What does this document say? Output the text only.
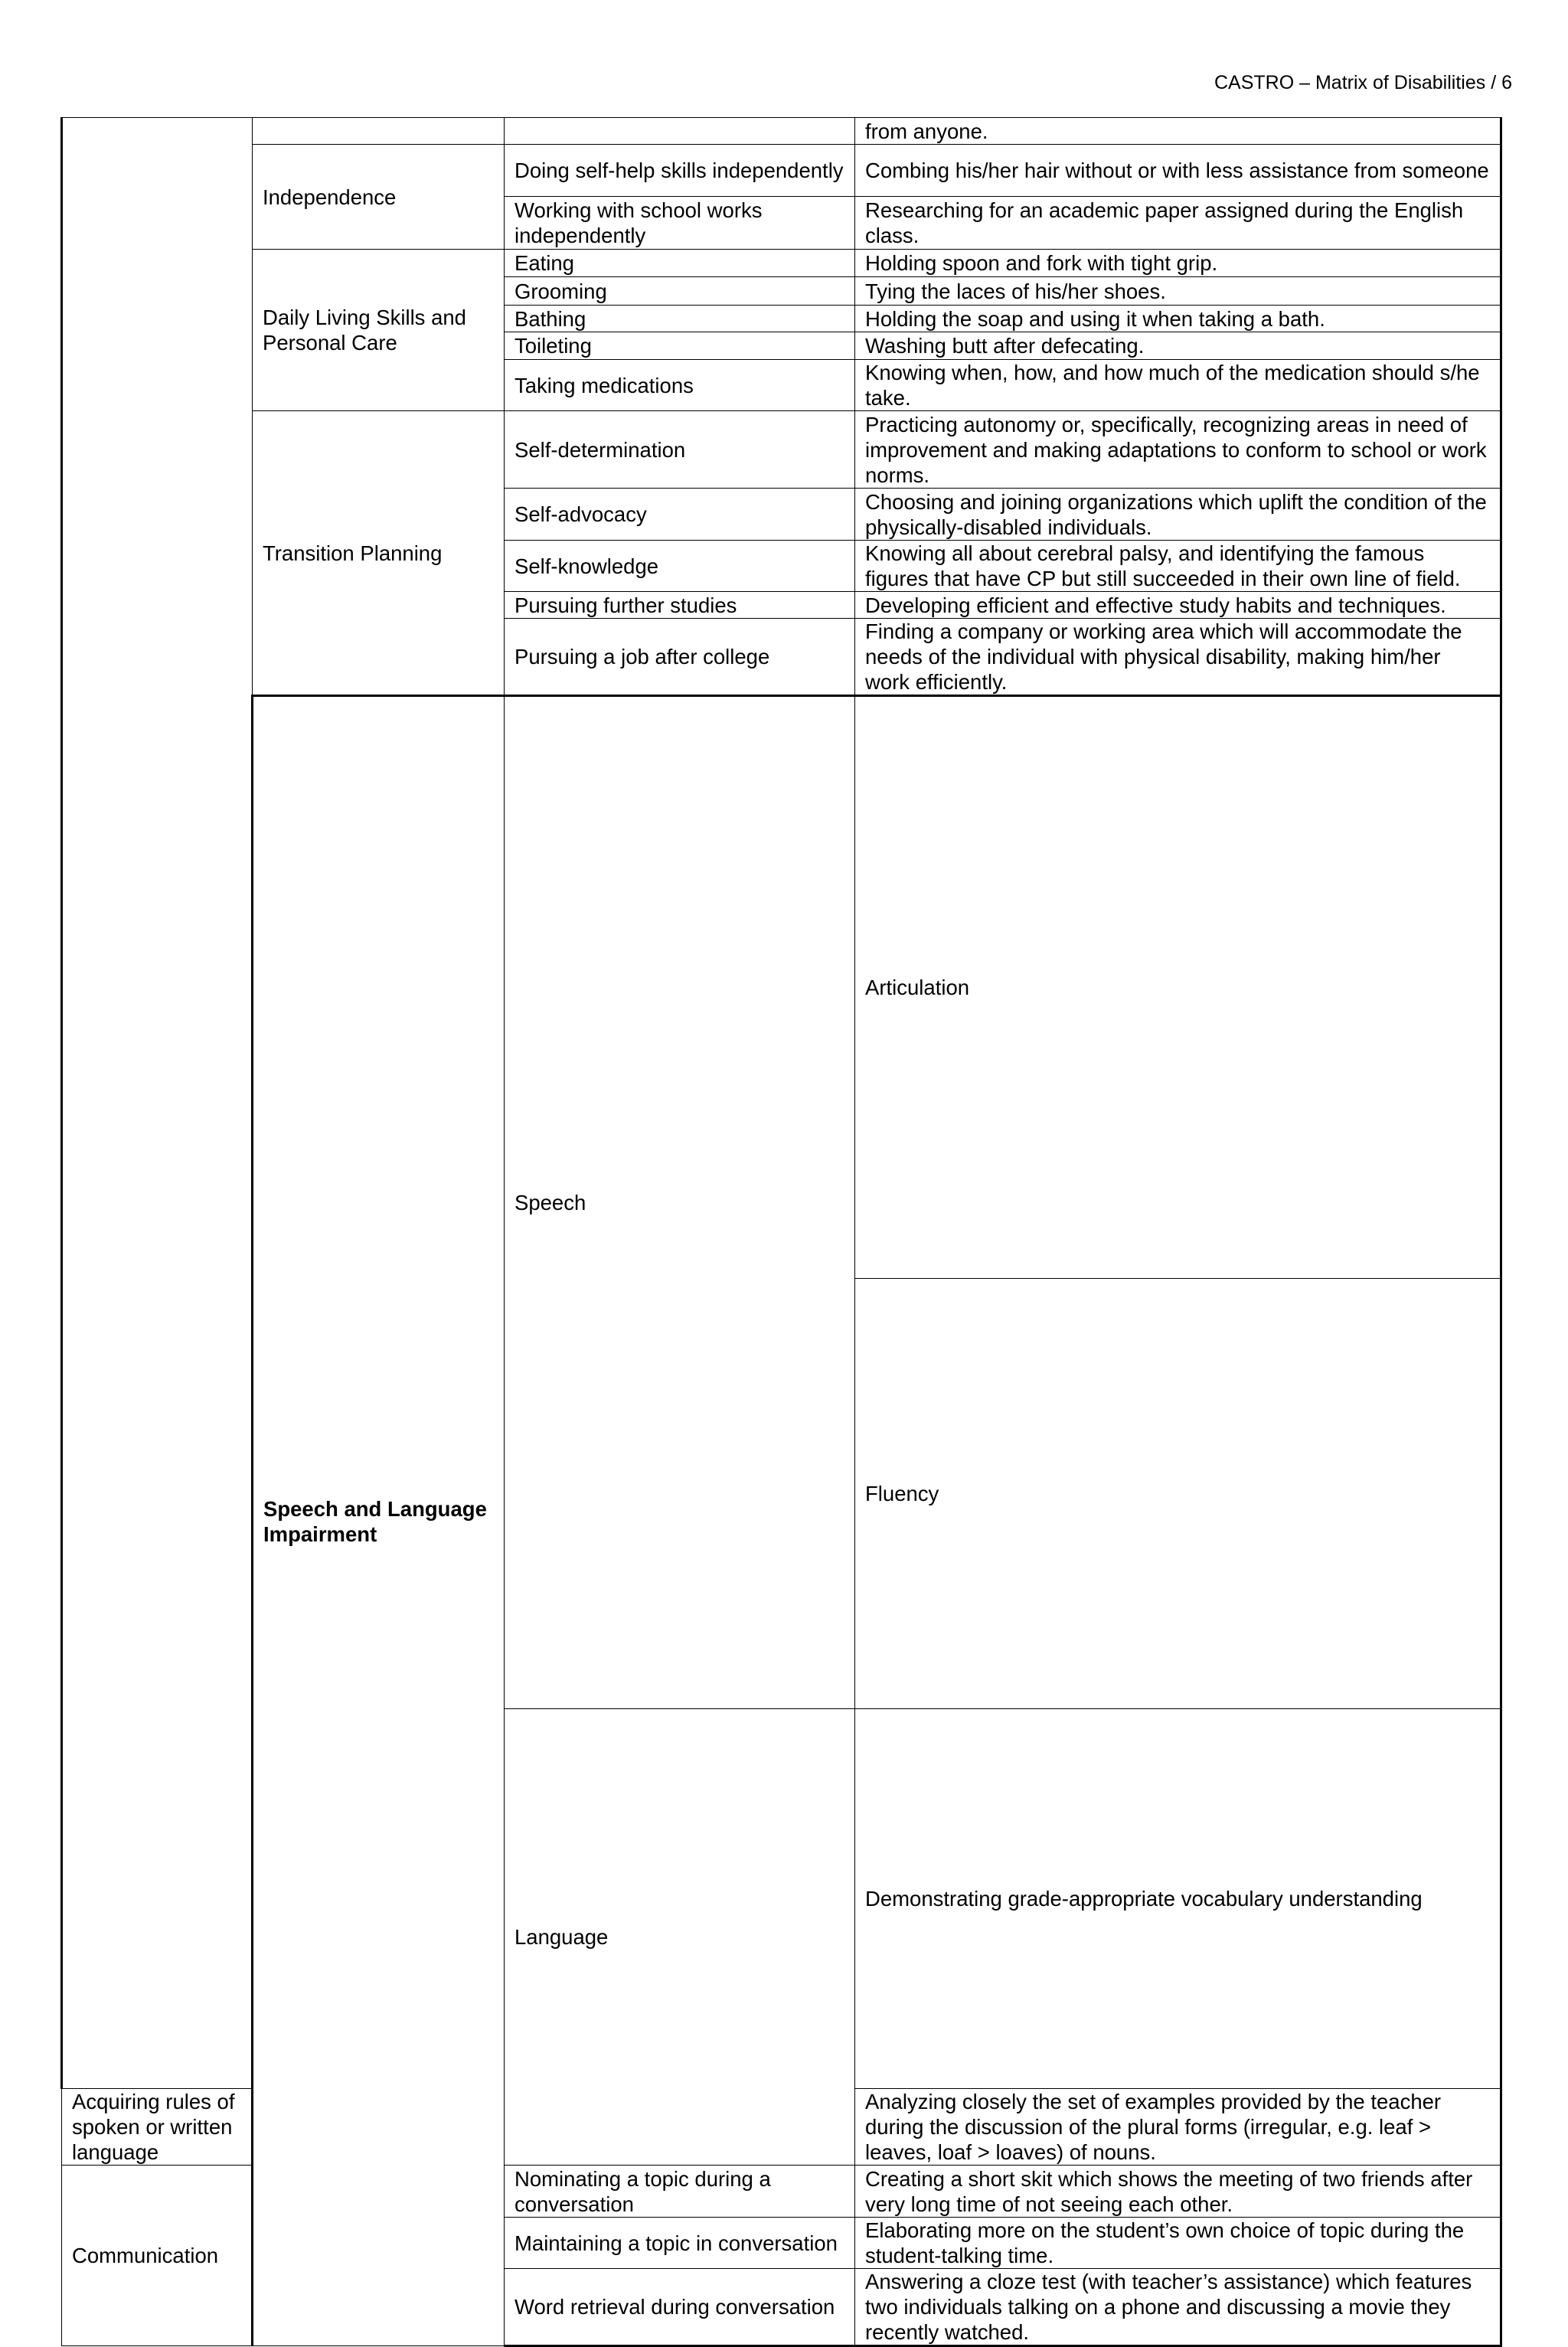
CASTRO – Matrix of Disabilities / 6
			from anyone.	
	Independence	Doing self-help skills independently	Combing his/her hair without or with less assistance from someone	
		Working with school works independently	Researching for an academic paper assigned during the English class.	
	Daily Living Skills and Personal Care	Eating	Holding spoon and fork with tight grip.	
		Grooming	Tying the laces of his/her shoes.	
		Bathing	Holding the soap and using it when taking a bath.	
		Toileting	Washing butt after defecating.	
		Taking medications	Knowing when, how, and how much of the medication should s/he take.	
	Transition Planning	Self-determination	Practicing autonomy or, specifically, recognizing areas in need of improvement and making adaptations to conform to school or work norms.	
		Self-advocacy	Choosing and joining organizations which uplift the condition of the physically-disabled individuals.	
		Self-knowledge	Knowing all about cerebral palsy, and identifying the famous figures that have CP but still succeeded in their own line of field.	
		Pursuing further studies	Developing efficient and effective study habits and techniques.	
		Pursuing a job after college	Finding a company or working area which will accommodate the needs of the individual with physical disability, making him/her work efficiently.	
	Speech and Language Impairment	Speech	Articulation	
			Fluency	
		Language	Demonstrating grade-appropriate vocabulary understanding	
Acquiring rules of spoken or written language			Analyzing closely the set of examples provided by the teacher during the discussion of the plural forms (irregular, e.g. leaf > leaves, loaf > loaves) of nouns.	
Communication		Nominating a topic during a conversation	Creating a short skit which shows the meeting of two friends after very long time of not seeing each other.	
		Maintaining a topic in conversation	Elaborating more on the student’s own choice of topic during the student-talking time.	
		Word retrieval during conversation	Answering a cloze test (with teacher’s assistance) which features two individuals talking on a phone and discussing a movie they recently watched.	
